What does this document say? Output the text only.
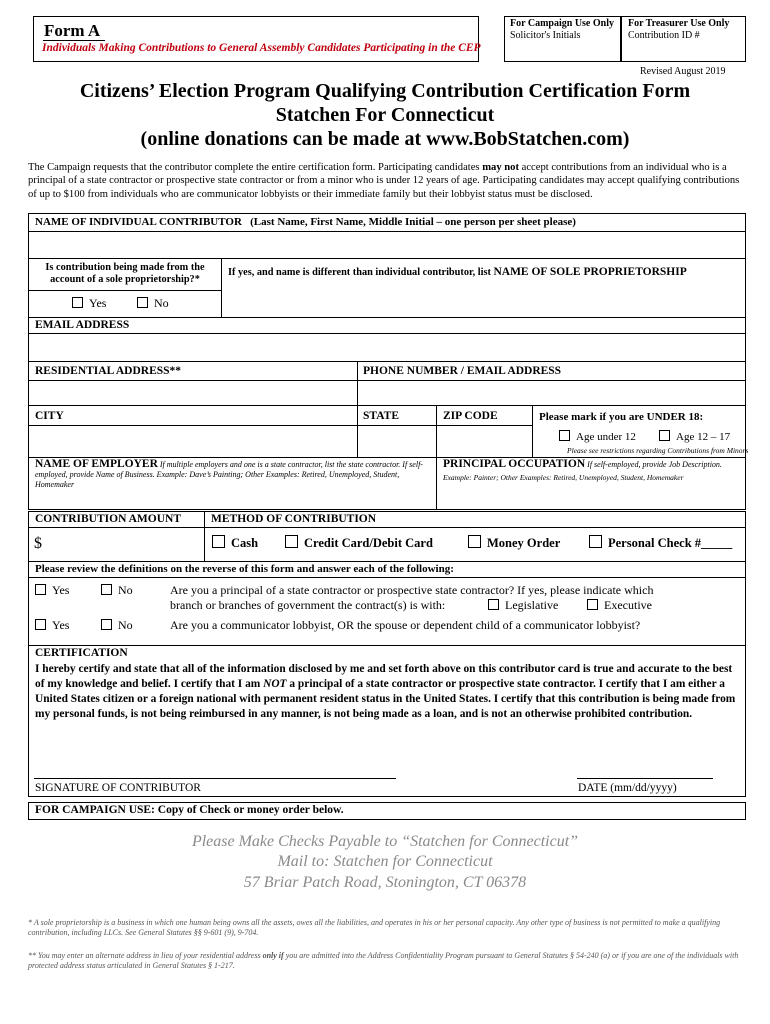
Form A
Individuals Making Contributions to General Assembly Candidates Participating in the CEP
For Campaign Use Only
Solicitor's Initials
For Treasurer Use Only
Contribution ID #
Revised August 2019
Citizens’ Election Program Qualifying Contribution Certification Form
Statchen For Connecticut
(online donations can be made at www.BobStatchen.com)
The Campaign requests that the contributor complete the entire certification form. Participating candidates may not accept contributions from an individual who is a principal of a state contractor or prospective state contractor or from a minor who is under 12 years of age. Participating candidates may accept qualifying contributions of up to $100 from individuals who are communicator lobbyists or their immediate family but their lobbyist status must be disclosed.
NAME OF INDIVIDUAL CONTRIBUTOR (Last Name, First Name, Middle Initial – one person per sheet please)
Is contribution being made from the account of a sole proprietorship?*
If yes, and name is different than individual contributor, list NAME OF SOLE PROPRIETORSHIP
Yes	No
EMAIL ADDRESS
RESIDENTIAL ADDRESS**	PHONE NUMBER / EMAIL ADDRESS
CITY	STATE	ZIP CODE	Please mark if you are UNDER 18:
Age under 12	Age 12 – 17
Please see restrictions regarding Contributions from Minors
NAME OF EMPLOYER If multiple employers and one is a state contractor, list the state contractor. If self-employed, provide Name of Business. Example: Dave’s Painting; Other Examples: Retired, Unemployed, Student, Homemaker
PRINCIPAL OCCUPATION If self-employed, provide Job Description.
Example: Painter; Other Examples: Retired, Unemployed, Student, Homemaker
CONTRIBUTION AMOUNT	METHOD OF CONTRIBUTION
$	Cash	Credit Card/Debit Card	Money Order	Personal Check #_____
Please review the definitions on the reverse of this form and answer each of the following:
Yes	No	Are you a principal of a state contractor or prospective state contractor? If yes, please indicate which
branch or branches of government the contract(s) is with:	Legislative	Executive
Yes	No	Are you a communicator lobbyist, OR the spouse or dependent child of a communicator lobbyist?
CERTIFICATION
I hereby certify and state that all of the information disclosed by me and set forth above on this contributor card is true and accurate to the best of my knowledge and belief. I certify that I am NOT a principal of a state contractor or prospective state contractor. I certify that I am either a United States citizen or a foreign national with permanent resident status in the United States. I certify that this contribution is being made from my personal funds, is not being reimbursed in any manner, is not being made as a loan, and is not an otherwise prohibited contribution.
SIGNATURE OF CONTRIBUTOR	DATE (mm/dd/yyyy)
FOR CAMPAIGN USE: Copy of Check or money order below.
Please Make Checks Payable to “Statchen for Connecticut”
Mail to: Statchen for Connecticut
57 Briar Patch Road, Stonington, CT 06378
* A sole proprietorship is a business in which one human being owns all the assets, owes all the liabilities, and operates in his or her personal capacity. Any other type of business is not permitted to make a qualifying contribution, including LLCs. See General Statutes §§ 9-601 (9), 9-704.
** You may enter an alternate address in lieu of your residential address only if you are admitted into the Address Confidentiality Program pursuant to General Statutes § 54-240 (a) or if you are one of the individuals with protected address status articulated in General Statutes § 1-217.
